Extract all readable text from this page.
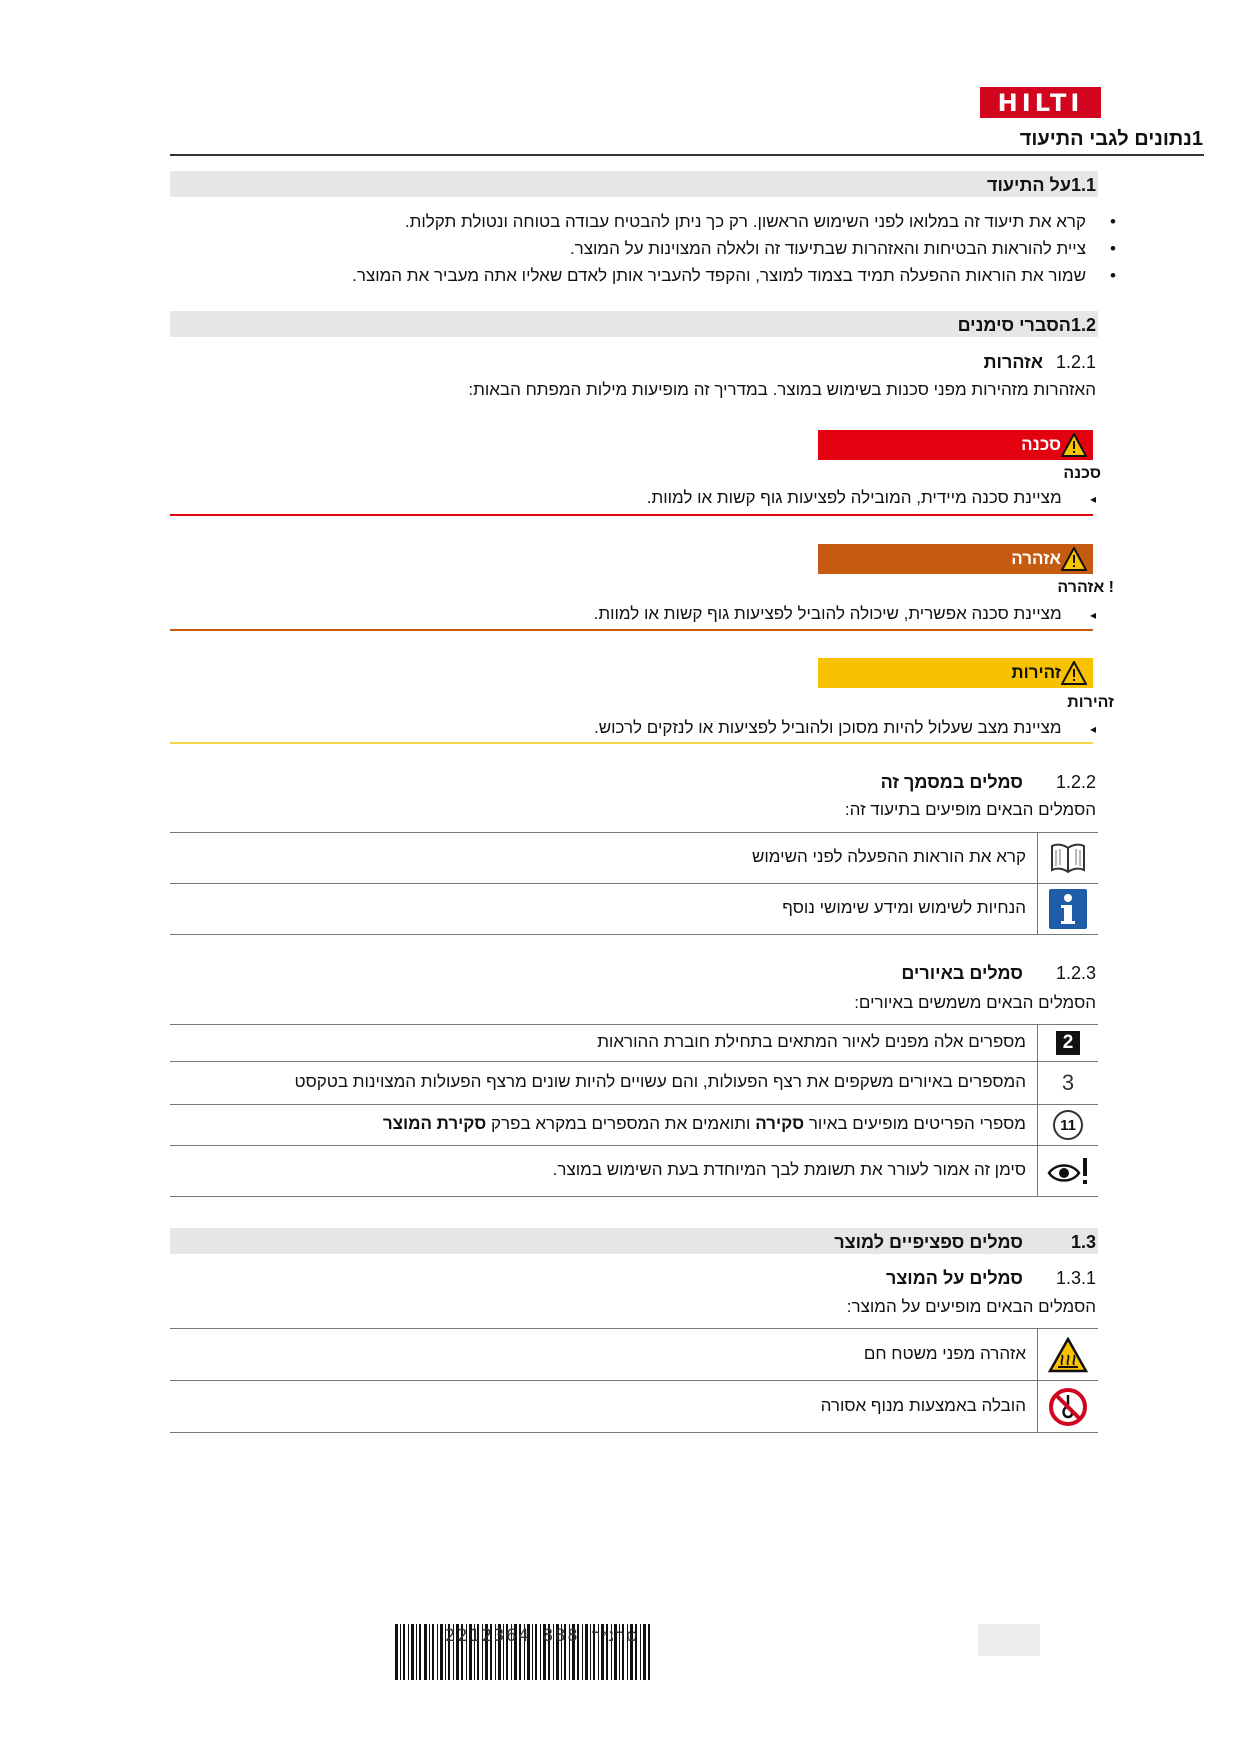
HILTI
1נתונים לגבי התיעוד
1.1על התיעוד
•
קרא את תיעוד זה במלואו לפני השימוש הראשון. רק כך ניתן להבטיח עבודה בטוחה ונטולת תקלות.
•
ציית להוראות הבטיחות והאזהרות שבתיעוד זה ולאלה המצוינות על המוצר.
•
שמור את הוראות ההפעלה תמיד בצמוד למוצר, והקפד להעביר אותן לאדם שאליו אתה מעביר את המוצר.
1.2הסברי סימנים
1.2.1
אזהרות
האזהרות מזהירות מפני סכנות בשימוש במוצר. במדריך זה מופיעות מילות המפתח הבאות:
סכנה
סכנה
◂      מציינת סכנה מיידית, המובילה לפציעות גוף קשות או למוות.
אזהרה
! אזהרה
◂      מציינת סכנה אפשרית, שיכולה להוביל לפציעות גוף קשות או למוות.
זהירות
זהירות
◂      מציינת מצב שעלול להיות מסוכן ולהוביל לפציעות או לנזקים לרכוש.
1.2.2
סמלים במסמך זה
הסמלים הבאים מופיעים בתיעוד זה:
קרא את הוראות ההפעלה לפני השימוש
הנחיות לשימוש ומידע שימושי נוסף
1.2.3
סמלים באיורים
הסמלים הבאים משמשים באיורים:
2
מספרים אלה מפנים לאיור המתאים בתחילת חוברת ההוראות
3
המספרים באיורים משקפים את רצף הפעולות, והם עשויים להיות שונים מרצף הפעולות המצוינות בטקסט
11
מספרי הפריטים מופיעים באיור סקירה ותואמים את המספרים במקרא בפרק סקירת המוצר
סימן זה אמור לעורר את תשומת לבך המיוחדת בעת השימוש במוצר.
1.3
סמלים ספציפיים למוצר
1.3.1
סמלים על המוצר
הסמלים הבאים מופיעים על המוצר:
אזהרה מפני משטח חם
הובלה באמצעות מנוף אסורה
2212364 טרניר 888
